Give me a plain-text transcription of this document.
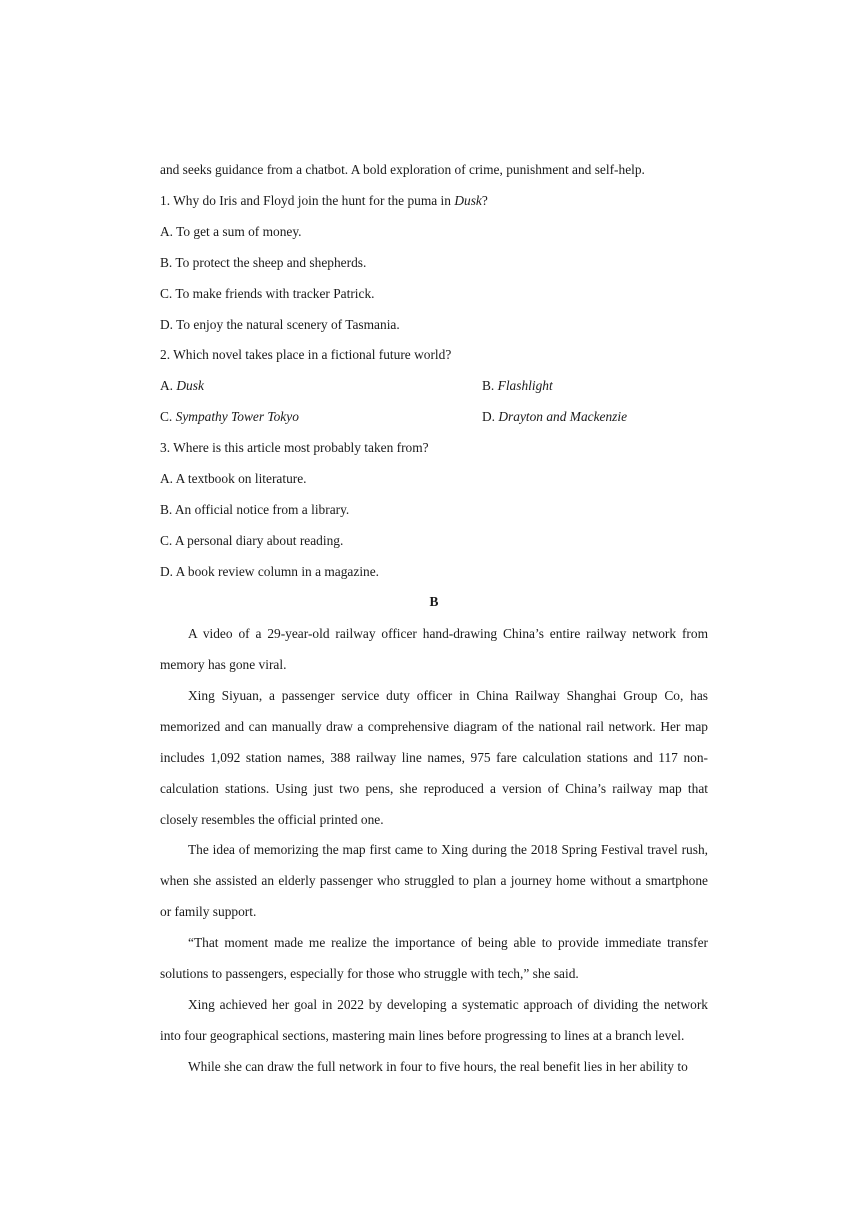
and seeks guidance from a chatbot. A bold exploration of crime, punishment and self-help.
1. Why do Iris and Floyd join the hunt for the puma in Dusk?
A. To get a sum of money.
B. To protect the sheep and shepherds.
C. To make friends with tracker Patrick.
D. To enjoy the natural scenery of Tasmania.
2. Which novel takes place in a fictional future world?
A. Dusk	B. Flashlight
C. Sympathy Tower Tokyo	D. Drayton and Mackenzie
3. Where is this article most probably taken from?
A. A textbook on literature.
B. An official notice from a library.
C. A personal diary about reading.
D. A book review column in a magazine.
B
A video of a 29-year-old railway officer hand-drawing China’s entire railway network from memory has gone viral.
Xing Siyuan, a passenger service duty officer in China Railway Shanghai Group Co, has memorized and can manually draw a comprehensive diagram of the national rail network. Her map includes 1,092 station names, 388 railway line names, 975 fare calculation stations and 117 non-calculation stations. Using just two pens, she reproduced a version of China’s railway map that closely resembles the official printed one.
The idea of memorizing the map first came to Xing during the 2018 Spring Festival travel rush, when she assisted an elderly passenger who struggled to plan a journey home without a smartphone or family support.
“That moment made me realize the importance of being able to provide immediate transfer solutions to passengers, especially for those who struggle with tech,” she said.
Xing achieved her goal in 2022 by developing a systematic approach of dividing the network into four geographical sections, mastering main lines before progressing to lines at a branch level.
While she can draw the full network in four to five hours, the real benefit lies in her ability to
